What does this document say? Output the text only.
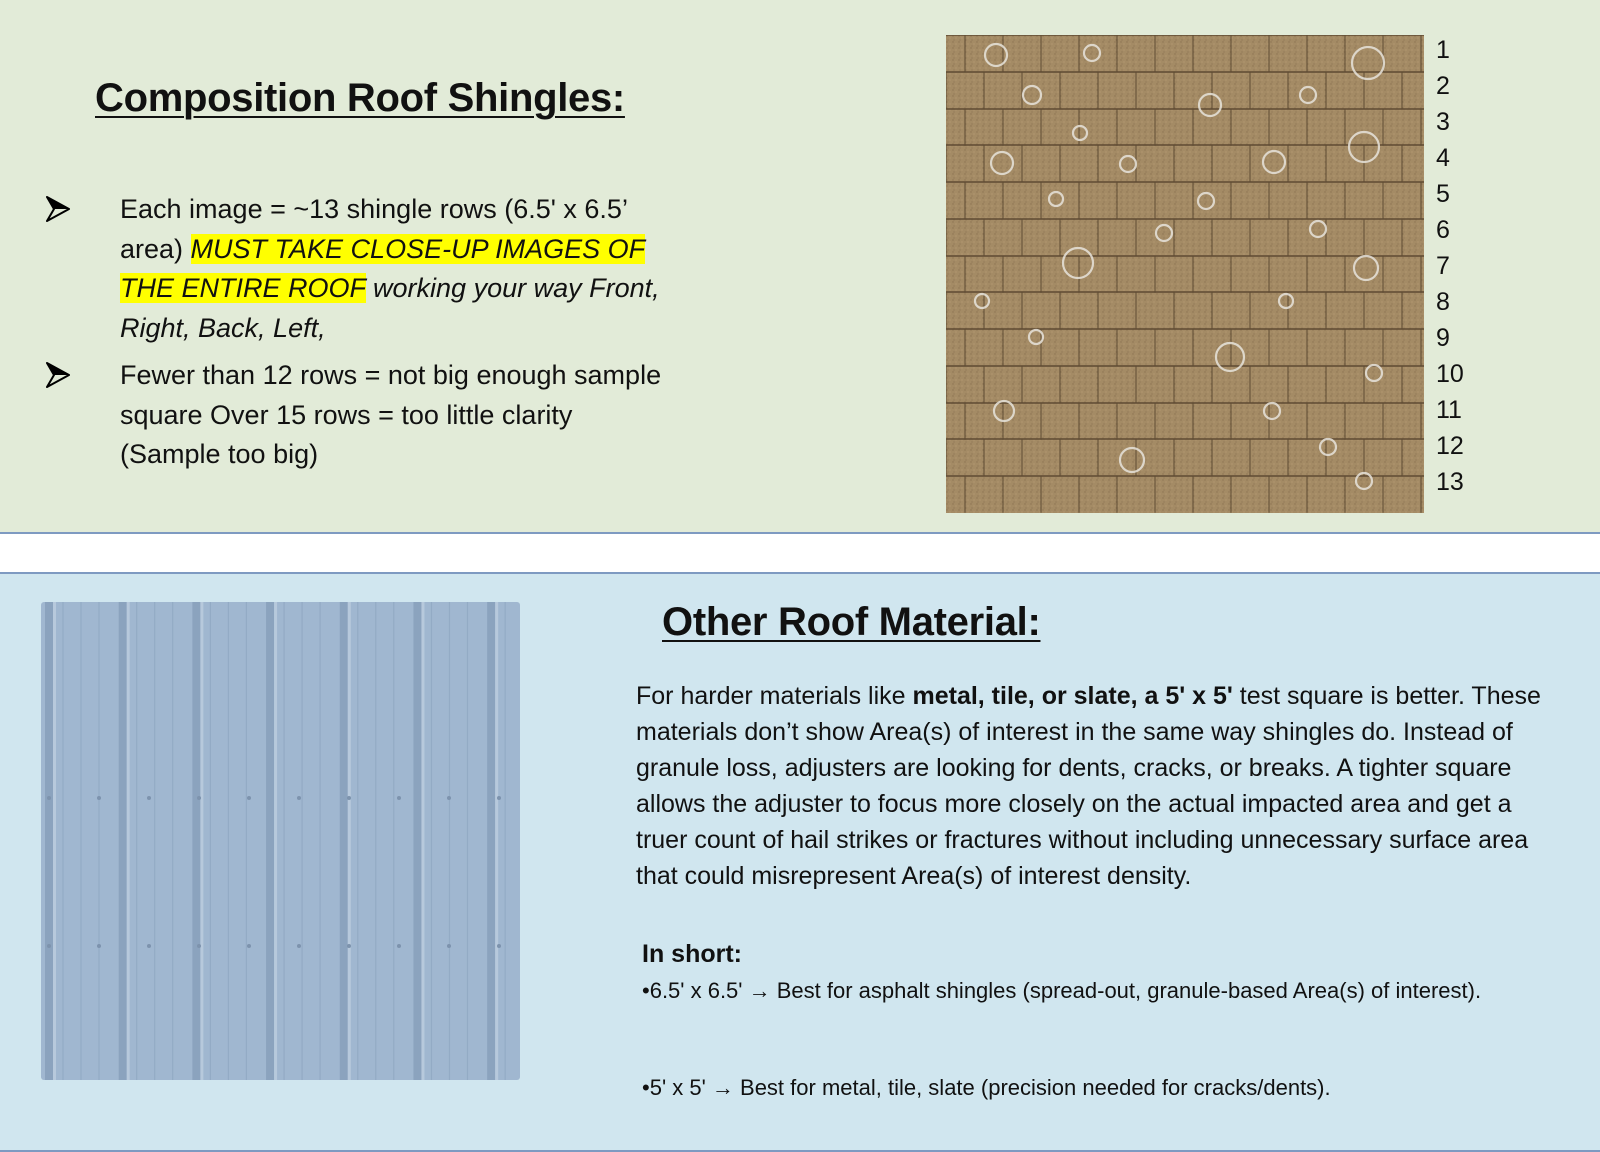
Composition Roof Shingles:

Each image = ~13 shingle rows (6.5' x 6.5’ area) MUST TAKE CLOSE-UP IMAGES OF THE ENTIRE ROOF working your way Front, Right, Back, Left,

Fewer than 12 rows = not big enough sample square Over 15 rows = too little clarity (Sample too big)

1
2
3
4
5
6
7
8
9
10
11
12
13
Other Roof Material:

For harder materials like metal, tile, or slate, a 5' x 5' test square is better. These materials don’t show Area(s) of interest in the same way shingles do. Instead of granule loss, adjusters are looking for dents, cracks, or breaks. A tighter square allows the adjuster to focus more closely on the actual impacted area and get a truer count of hail strikes or fractures without including unnecessary surface area that could misrepresent Area(s) of interest density.

In short:

•6.5' x 6.5' → Best for asphalt shingles (spread-out, granule-based Area(s) of interest).

•5' x 5' → Best for metal, tile, slate (precision needed for cracks/dents).
